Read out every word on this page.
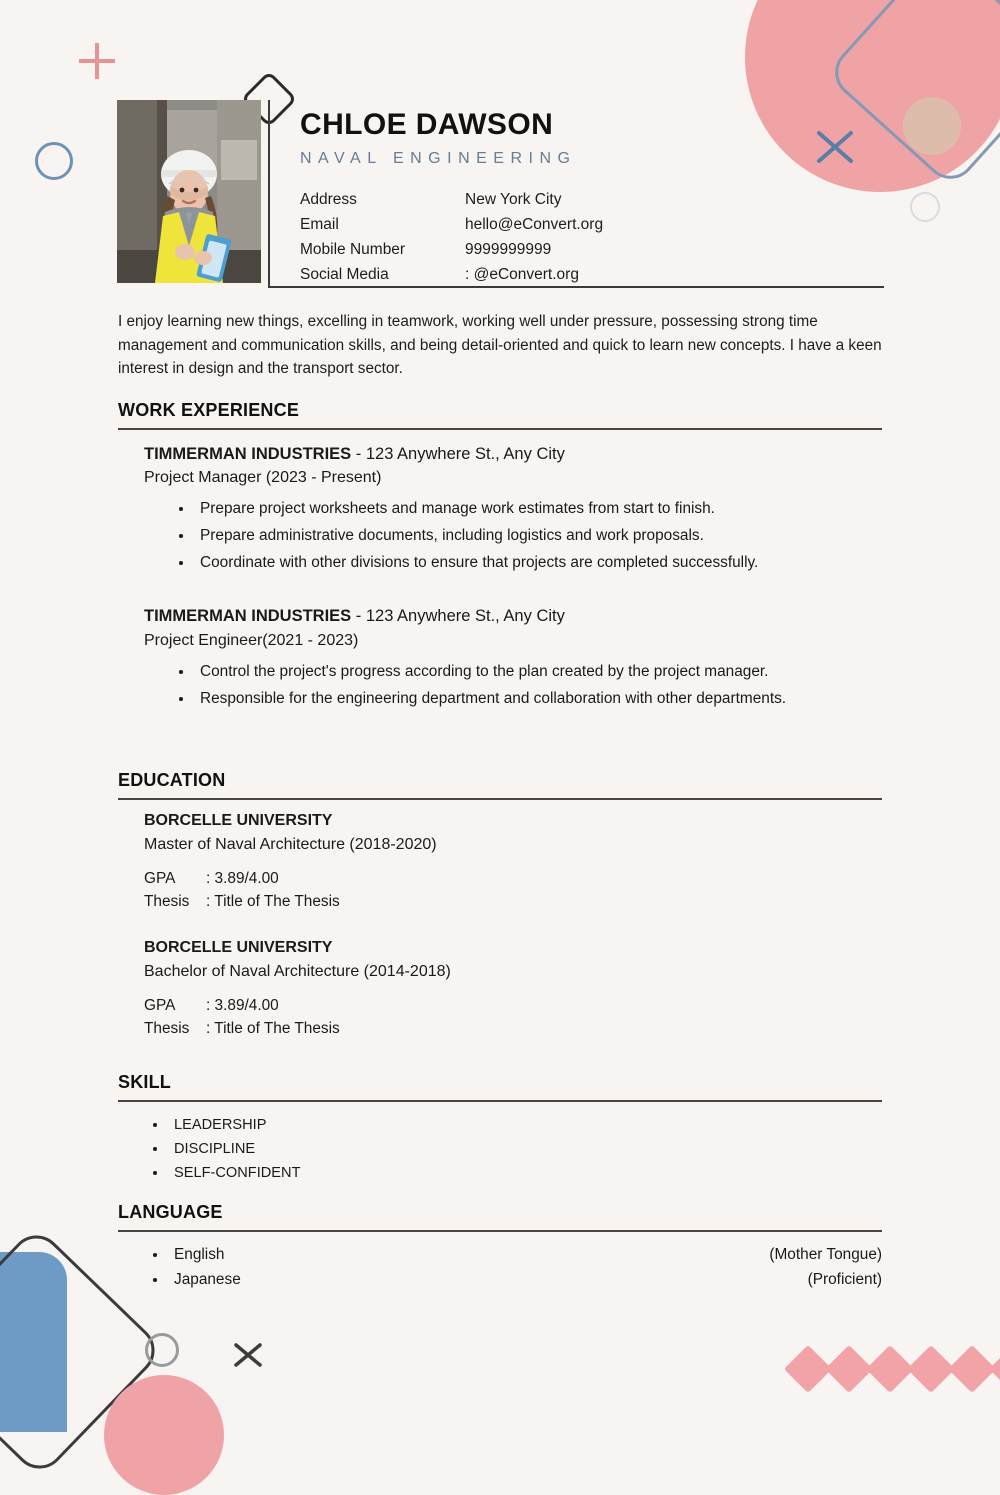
CHLOE DAWSON
NAVAL ENGINEERING
Address	New York City
Email	hello@eConvert.org
Mobile Number	9999999999
Social Media	: @eConvert.org
I enjoy learning new things, excelling in teamwork, working well under pressure, possessing strong time management and communication skills, and being detail-oriented and quick to learn new concepts. I have a keen interest in design and the transport sector.
WORK EXPERIENCE
TIMMERMAN INDUSTRIES - 123 Anywhere St., Any City
Project Manager (2023 - Present)
• Prepare project worksheets and manage work estimates from start to finish.
• Prepare administrative documents, including logistics and work proposals.
• Coordinate with other divisions to ensure that projects are completed successfully.
TIMMERMAN INDUSTRIES - 123 Anywhere St., Any City
Project Engineer(2021 - 2023)
• Control the project's progress according to the plan created by the project manager.
• Responsible for the engineering department and collaboration with other departments.
EDUCATION
BORCELLE UNIVERSITY
Master of Naval Architecture (2018-2020)
GPA	: 3.89/4.00
Thesis	: Title of The Thesis
BORCELLE UNIVERSITY
Bachelor of Naval Architecture (2014-2018)
GPA	: 3.89/4.00
Thesis	: Title of The Thesis
SKILL
• LEADERSHIP
• DISCIPLINE
• SELF-CONFIDENT
LANGUAGE
• English	(Mother Tongue)
• Japanese	(Proficient)
